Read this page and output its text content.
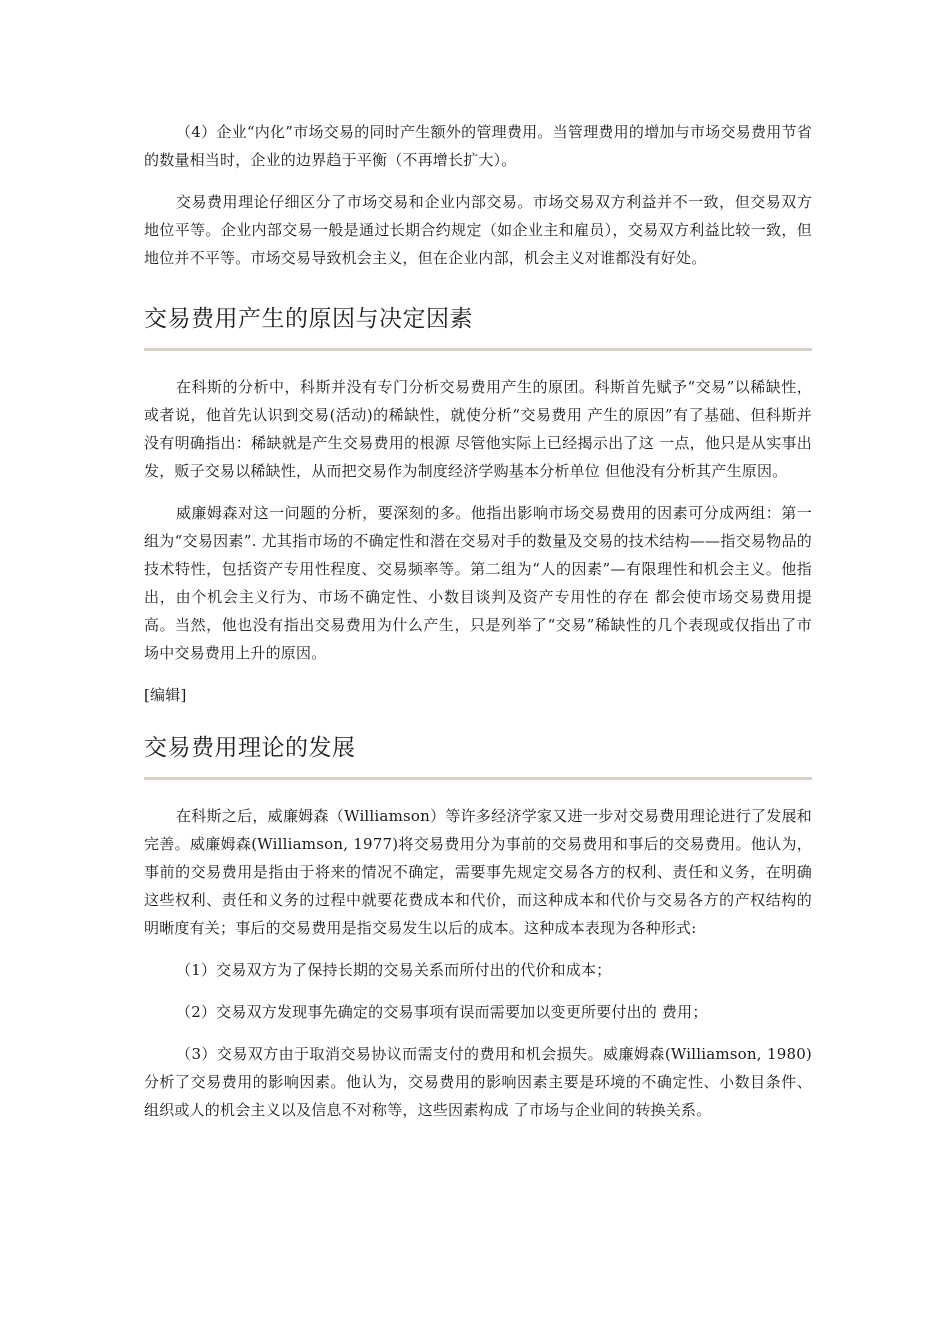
（4）企业“内化”市场交易的同时产生额外的管理费用。当管理费用的增加与市场交易费用节省的数量相当时，企业的边界趋于平衡（不再增长扩大）。

交易费用理论仔细区分了市场交易和企业内部交易。市场交易双方利益并不一致，但交易双方地位平等。企业内部交易一般是通过长期合约规定（如企业主和雇员），交易双方利益比较一致，但地位并不平等。市场交易导致机会主义，但在企业内部，机会主义对谁都没有好处。

交易费用产生的原因与决定因素

在科斯的分析中，科斯并没有专门分析交易费用产生的原团。科斯首先赋予“交易”以稀缺性，或者说，他首先认识到交易(活动)的稀缺性，就使分析“交易费用 产生的原因”有了基础、但科斯并没有明确指出：稀缺就是产生交易费用的根源 尽管他实际上已经揭示出了这 一点，他只是从实事出发，贩子交易以稀缺性，从而把交易作为制度经济学购基本分析单位 但他没有分析其产生原因。

威廉姆森对这一问题的分析，要深刻的多。他指出影响市场交易费用的因素可分成两组：第一组为“交易因素”. 尤其指市场的不确定性和潜在交易对手的数量及交易的技术结构——指交易物品的技术特性，包括资产专用性程度、交易频率等。第二组为“人的因素”—有限理性和机会主义。他指出，由个机会主义行为、市场不确定性、小数目谈判及资产专用性的存在 都会使市场交易费用提高。当然，他也没有指出交易费用为什么产生，只是列举了“交易”稀缺性的几个表现或仅指出了市场中交易费用上升的原因。

[编辑]

交易费用理论的发展

在科斯之后，威廉姆森（Williamson）等许多经济学家又进一步对交易费用理论进行了发展和完善。威廉姆森(Williamson, 1977)将交易费用分为事前的交易费用和事后的交易费用。他认为，事前的交易费用是指由于将来的情况不确定，需要事先规定交易各方的权利、责任和义务，在明确这些权利、责任和义务的过程中就要花费成本和代价，而这种成本和代价与交易各方的产权结构的明晰度有关；事后的交易费用是指交易发生以后的成本。这种成本表现为各种形式:

（1）交易双方为了保持长期的交易关系而所付出的代价和成本；

（2）交易双方发现事先确定的交易事项有误而需要加以变更所要付出的 费用；

（3）交易双方由于取消交易协议而需支付的费用和机会损失。威廉姆森(Williamson, 1980)分析了交易费用的影响因素。他认为，交易费用的影响因素主要是环境的不确定性、小数目条件、组织或人的机会主义以及信息不对称等，这些因素构成 了市场与企业间的转换关系。
